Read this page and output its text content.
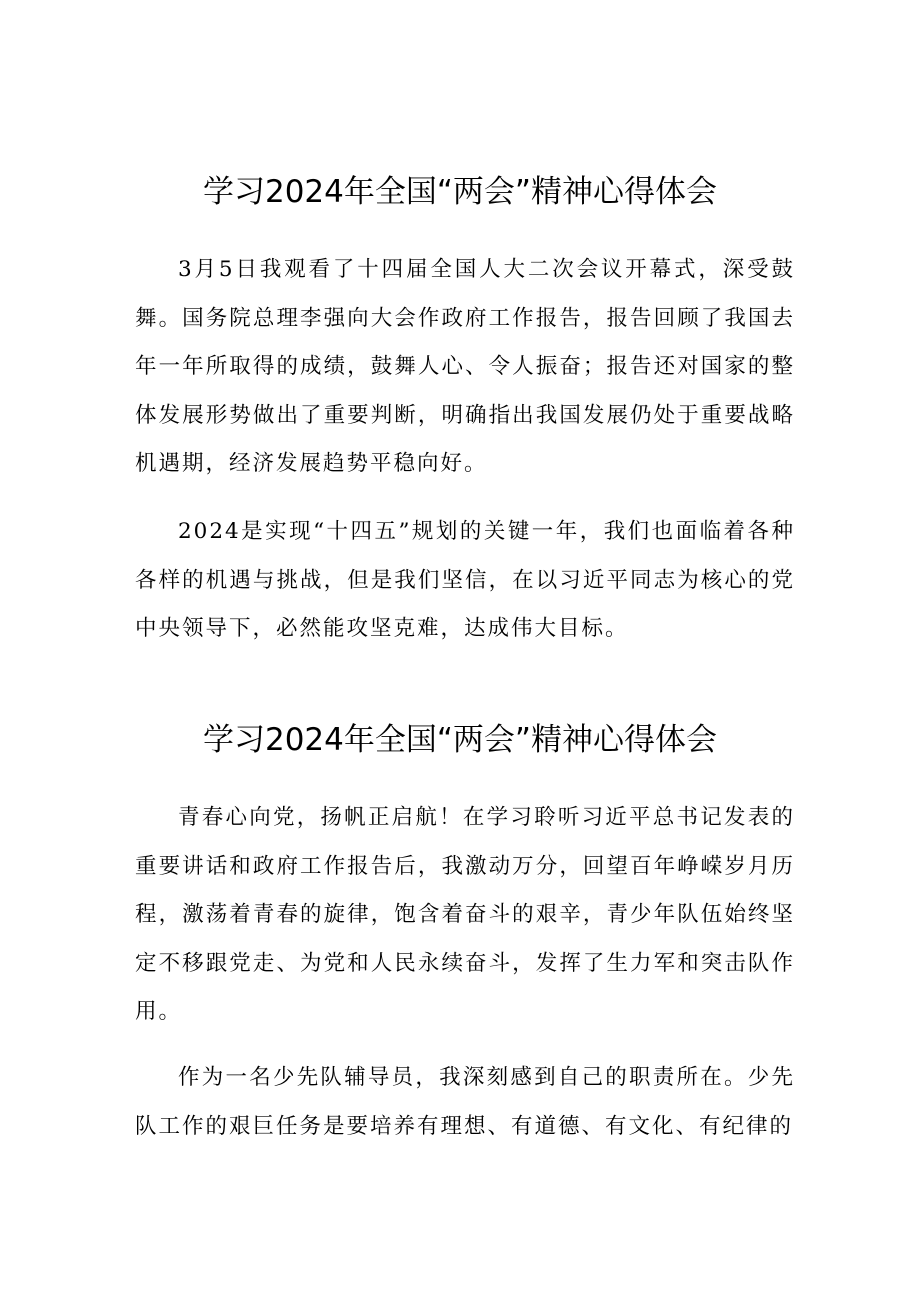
学习2024年全国“两会”精神心得体会

3月5日我观看了十四届全国人大二次会议开幕式，深受鼓舞。国务院总理李强向大会作政府工作报告，报告回顾了我国去年一年所取得的成绩，鼓舞人心、令人振奋；报告还对国家的整体发展形势做出了重要判断，明确指出我国发展仍处于重要战略机遇期，经济发展趋势平稳向好。

2024是实现“十四五”规划的关键一年，我们也面临着各种各样的机遇与挑战，但是我们坚信，在以习近平同志为核心的党中央领导下，必然能攻坚克难，达成伟大目标。

学习2024年全国“两会”精神心得体会

青春心向党，扬帆正启航！在学习聆听习近平总书记发表的重要讲话和政府工作报告后，我激动万分，回望百年峥嵘岁月历程，激荡着青春的旋律，饱含着奋斗的艰辛，青少年队伍始终坚定不移跟党走、为党和人民永续奋斗，发挥了生力军和突击队作用。

作为一名少先队辅导员，我深刻感到自己的职责所在。少先队工作的艰巨任务是要培养有理想、有道德、有文化、有纪律的
